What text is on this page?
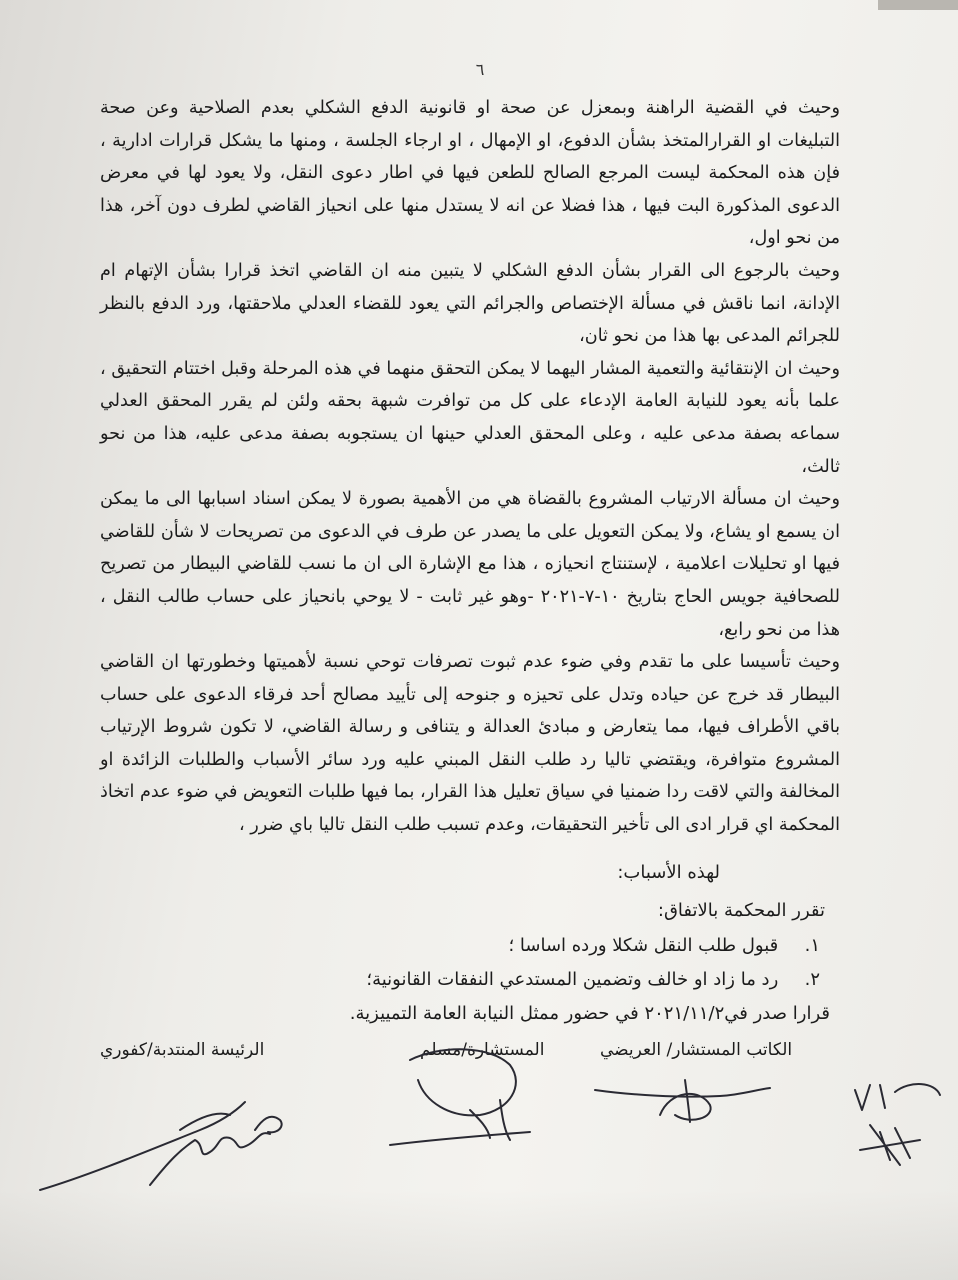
٦

وحيث في القضية الراهنة وبمعزل عن صحة او قانونية الدفع الشكلي بعدم الصلاحية وعن صحة التبليغات او القرارالمتخذ بشأن الدفوع، او الإمهال ، او ارجاء الجلسة ، ومنها ما يشكل قرارات ادارية ، فإن هذه المحكمة ليست المرجع الصالح للطعن فيها في اطار دعوى النقل، ولا يعود لها في معرض الدعوى المذكورة البت فيها ، هذا فضلا عن انه لا يستدل منها على انحياز القاضي لطرف دون آخر، هذا من نحو اول،

وحيث بالرجوع الى القرار بشأن الدفع الشكلي لا يتبين منه ان القاضي اتخذ قرارا بشأن الإتهام ام الإدانة، انما ناقش في مسألة الإختصاص والجرائم التي يعود للقضاء العدلي ملاحقتها، ورد الدفع بالنظر للجرائم المدعى بها هذا من نحو ثان،

وحيث ان الإنتقائية والتعمية المشار اليهما لا يمكن التحقق منهما في هذه المرحلة وقبل اختتام التحقيق ، علما بأنه يعود للنيابة العامة الإدعاء على كل من توافرت شبهة بحقه ولئن لم يقرر المحقق العدلي سماعه بصفة مدعى عليه ، وعلى المحقق العدلي حينها ان يستجوبه بصفة مدعى عليه، هذا من نحو ثالث،

وحيث ان مسألة الارتياب المشروع بالقضاة هي من الأهمية بصورة لا يمكن اسناد اسبابها الى ما يمكن ان يسمع او يشاع، ولا يمكن التعويل على ما يصدر عن طرف في الدعوى من تصريحات لا شأن للقاضي فيها او تحليلات اعلامية ، لإستنتاج انحيازه ، هذا مع الإشارة الى ان ما نسب للقاضي البيطار من تصريح للصحافية جويس الحاج بتاريخ ١٠-٧-٢٠٢١ -وهو غير ثابت - لا يوحي بانحياز على حساب طالب النقل ، هذا من نحو رابع،

وحيث تأسيسا على ما تقدم وفي ضوء عدم ثبوت تصرفات توحي نسبة لأهميتها وخطورتها ان القاضي البيطار قد خرج عن حياده وتدل على تحيزه و جنوحه إلى تأييد مصالح أحد فرقاء الدعوى على حساب باقي الأطراف فيها، مما يتعارض و مبادئ العدالة و يتنافى و رسالة القاضي، لا تكون شروط الإرتياب المشروع متوافرة، ويقتضي تاليا رد طلب النقل المبني عليه ورد سائر الأسباب والطلبات الزائدة او المخالفة والتي لاقت ردا ضمنيا في سياق تعليل هذا القرار، بما فيها طلبات التعويض في ضوء عدم اتخاذ المحكمة اي قرار ادى الى تأخير التحقيقات، وعدم تسبب طلب النقل تاليا باي ضرر ،

لهذه الأسباب:
تقرر المحكمة بالاتفاق:
١. قبول طلب النقل شكلا ورده اساسا ؛
٢. رد ما زاد او خالف وتضمين المستدعي النفقات القانونية؛
قرارا صدر في٢٠٢١/١١/٢ في حضور ممثل النيابة العامة التمييزية.
الكاتب المستشار/ العريضي
المستشارة/مسلم
الرئيسة المنتدبة/كفوري
